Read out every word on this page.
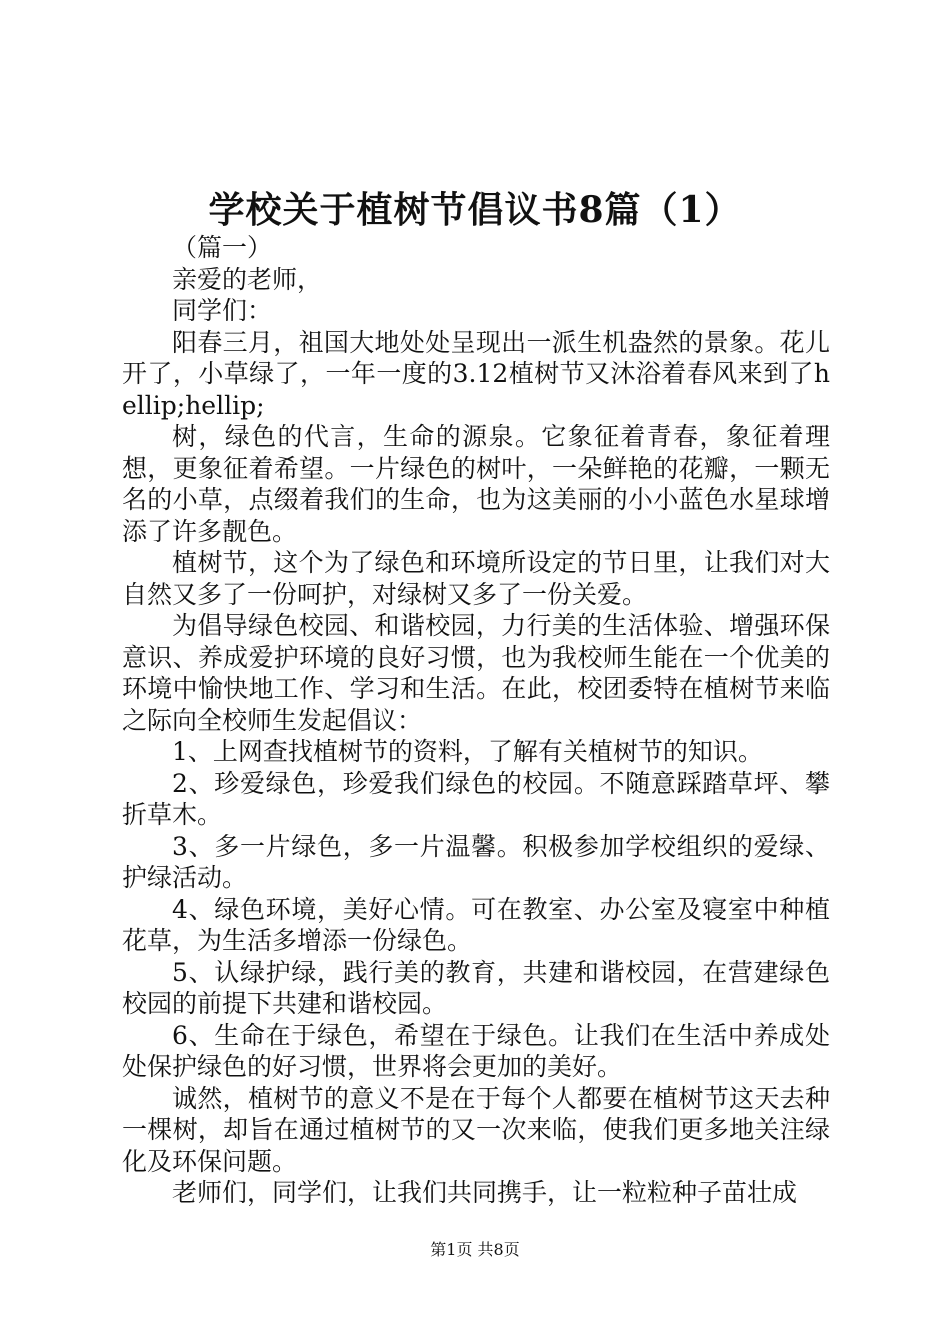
学校关于植树节倡议书8篇（1）

（篇一）

亲爱的老师，

同学们：

阳春三月，祖国大地处处呈现出一派生机盎然的景象。花儿开了，小草绿了，一年一度的3.12植树节又沐浴着春风来到了hellip;hellip;

树，绿色的代言，生命的源泉。它象征着青春，象征着理想，更象征着希望。一片绿色的树叶，一朵鲜艳的花瓣，一颗无名的小草，点缀着我们的生命，也为这美丽的小小蓝色水星球增添了许多靓色。

植树节，这个为了绿色和环境所设定的节日里，让我们对大自然又多了一份呵护，对绿树又多了一份关爱。

为倡导绿色校园、和谐校园，力行美的生活体验、增强环保意识、养成爱护环境的良好习惯，也为我校师生能在一个优美的环境中愉快地工作、学习和生活。在此，校团委特在植树节来临之际向全校师生发起倡议：

1、上网查找植树节的资料，了解有关植树节的知识。

2、珍爱绿色，珍爱我们绿色的校园。不随意踩踏草坪、攀折草木。

3、多一片绿色，多一片温馨。积极参加学校组织的爱绿、护绿活动。

4、绿色环境，美好心情。可在教室、办公室及寝室中种植花草，为生活多增添一份绿色。

5、认绿护绿，践行美的教育，共建和谐校园，在营建绿色校园的前提下共建和谐校园。

6、生命在于绿色，希望在于绿色。让我们在生活中养成处处保护绿色的好习惯，世界将会更加的美好。

诚然，植树节的意义不是在于每个人都要在植树节这天去种一棵树，却旨在通过植树节的又一次来临，使我们更多地关注绿化及环保问题。

老师们，同学们，让我们共同携手，让一粒粒种子苗壮成

第1页 共8页
